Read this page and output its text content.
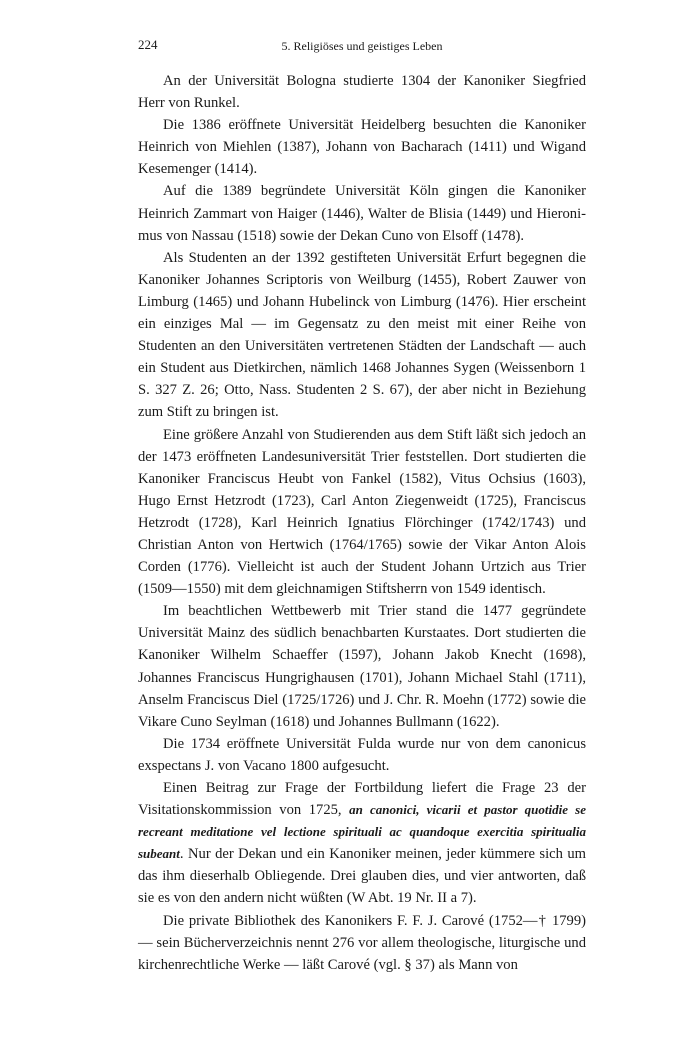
224	5. Religiöses und geistiges Leben

An der Universität Bologna studierte 1304 der Kanoniker Siegfried Herr von Runkel.

Die 1386 eröffnete Universität Heidelberg besuchten die Kanoniker Heinrich von Miehlen (1387), Johann von Bacharach (1411) und Wigand Kesemenger (1414).

Auf die 1389 begründete Universität Köln gingen die Kanoniker Heinrich Zammart von Haiger (1446), Walter de Blisia (1449) und Hieronimus von Nassau (1518) sowie der Dekan Cuno von Elsoff (1478).

Als Studenten an der 1392 gestifteten Universität Erfurt begegnen die Kanoniker Johannes Scriptoris von Weilburg (1455), Robert Zauwer von Limburg (1465) und Johann Hubelinck von Limburg (1476). Hier erscheint ein einziges Mal — im Gegensatz zu den meist mit einer Reihe von Studenten an den Universitäten vertretenen Städten der Landschaft — auch ein Student aus Dietkirchen, nämlich 1468 Johannes Sygen (Weissenborn 1 S. 327 Z. 26; Otto, Nass. Studenten 2 S. 67), der aber nicht in Beziehung zum Stift zu bringen ist.

Eine größere Anzahl von Studierenden aus dem Stift läßt sich jedoch an der 1473 eröffneten Landesuniversität Trier feststellen. Dort studierten die Kanoniker Franciscus Heubt von Fankel (1582), Vitus Ochsius (1603), Hugo Ernst Hetzrodt (1723), Carl Anton Ziegenweidt (1725), Franciscus Hetzrodt (1728), Karl Heinrich Ignatius Flörchinger (1742/1743) und Christian Anton von Hertwich (1764/1765) sowie der Vikar Anton Alois Corden (1776). Vielleicht ist auch der Student Johann Urtzich aus Trier (1509—1550) mit dem gleichnamigen Stiftsherrn von 1549 identisch.

Im beachtlichen Wettbewerb mit Trier stand die 1477 gegründete Universität Mainz des südlich benachbarten Kurstaates. Dort studierten die Kanoniker Wilhelm Schaeffer (1597), Johann Jakob Knecht (1698), Johannes Franciscus Hungrighausen (1701), Johann Michael Stahl (1711), Anselm Franciscus Diel (1725/1726) und J. Chr. R. Moehn (1772) sowie die Vikare Cuno Seylman (1618) und Johannes Bullmann (1622).

Die 1734 eröffnete Universität Fulda wurde nur von dem canonicus exspectans J. von Vacano 1800 aufgesucht.

Einen Beitrag zur Frage der Fortbildung liefert die Frage 23 der Visitationskommission von 1725, an canonici, vicarii et pastor quotidie se recreant meditatione vel lectione spirituali ac quandoque exercitia spiritualia subeant. Nur der Dekan und ein Kanoniker meinen, jeder kümmere sich um das ihm dieserhalb Obliegende. Drei glauben dies, und vier antworten, daß sie es von den andern nicht wüßten (W Abt. 19 Nr. II a 7).

Die private Bibliothek des Kanonikers F. F. J. Carové (1752—† 1799) — sein Bücherverzeichnis nennt 276 vor allem theologische, liturgische und kirchenrechtliche Werke — läßt Carové (vgl. § 37) als Mann von
